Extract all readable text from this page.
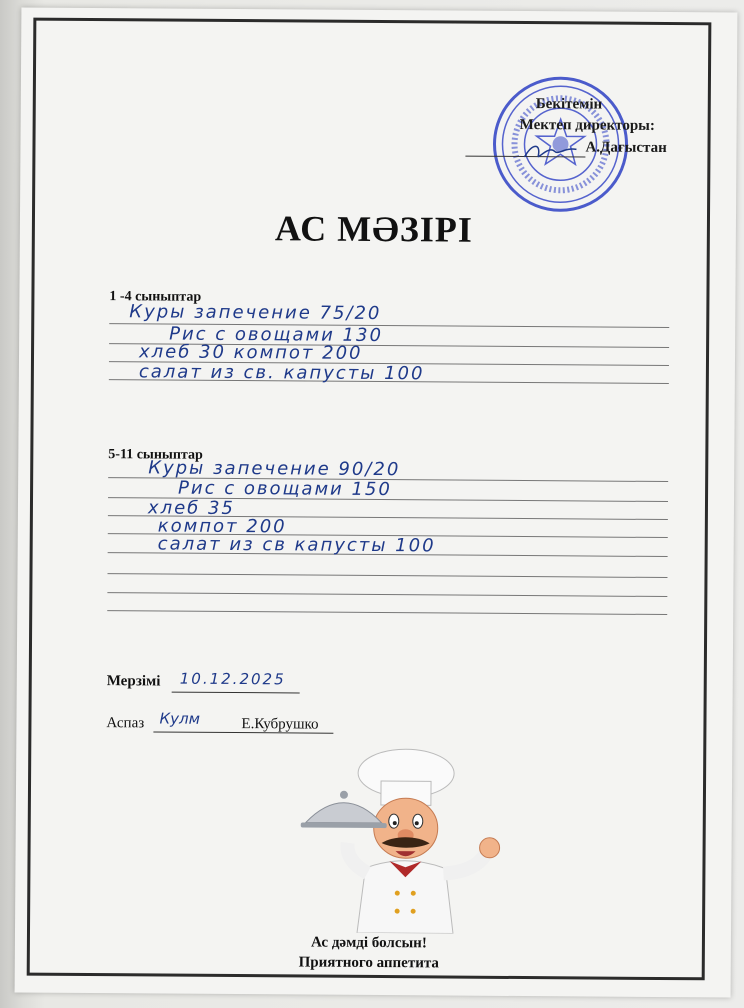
Бекітемін
Мектеп директоры:
А.Дағыстан
АС МӘЗІРІ
1 -4 сыныптар
Куры запечение 75/20
Рис с овощами 130
хлеб 30 компот 200
салат из св. капусты 100
5-11 сыныптар
Куры запечение 90/20
Рис с овощами 150
хлеб 35
компот 200
салат из св капусты 100
Мерзімі 10.12.2025
Аспаз Кулм	Е.Кубрушко
Ас дәмді болсын!
Приятного аппетита
